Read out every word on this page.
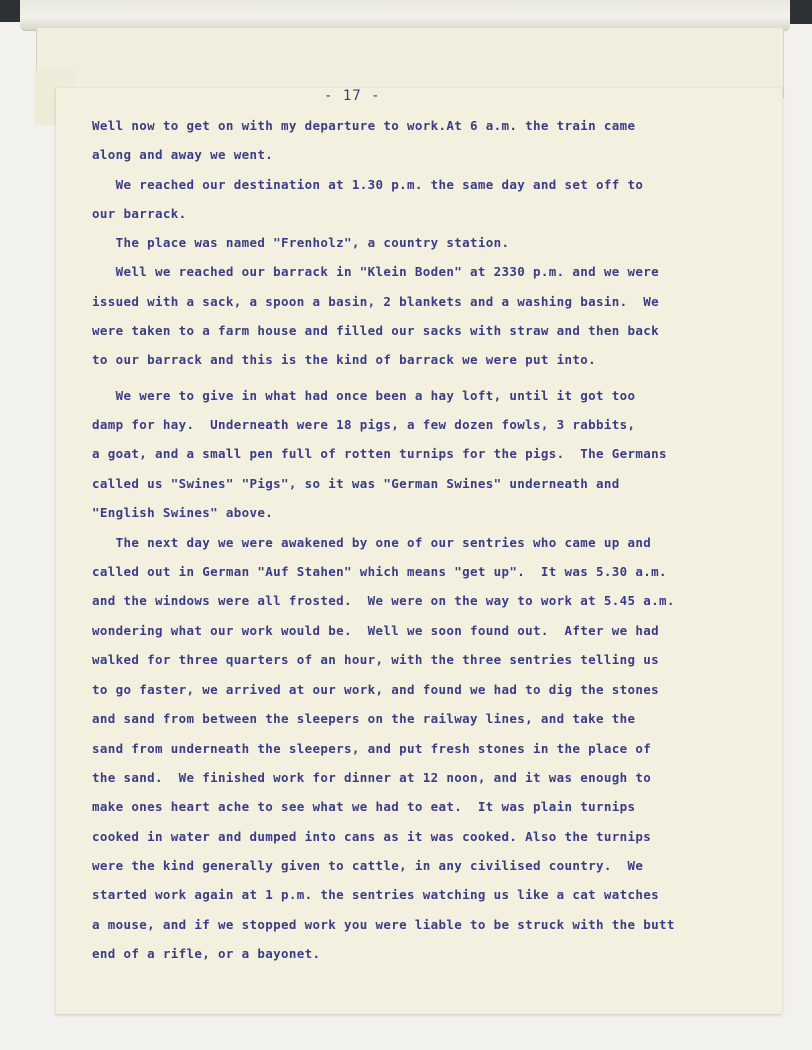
- 17 -
Well now to get on with my departure to work.At 6 a.m. the train came
along and away we went.
We reached our destination at 1.30 p.m. the same day and set off to
our barrack.
The place was named "Frenholz", a country station.
Well we reached our barrack in "Klein Boden" at 2330 p.m. and we were
issued with a sack, a spoon a basin, 2 blankets and a washing basin.  We
were taken to a farm house and filled our sacks with straw and then back
to our barrack and this is the kind of barrack we were put into.
We were to give in what had once been a hay loft, until it got too
damp for hay.  Underneath were 18 pigs, a few dozen fowls, 3 rabbits,
a goat, and a small pen full of rotten turnips for the pigs.  The Germans
called us "Swines" "Pigs", so it was "German Swines" underneath and
"English Swines" above.
The next day we were awakened by one of our sentries who came up and
called out in German "Auf Stahen" which means "get up".  It was 5.30 a.m.
and the windows were all frosted.  We were on the way to work at 5.45 a.m.
wondering what our work would be.  Well we soon found out.  After we had
walked for three quarters of an hour, with the three sentries telling us
to go faster, we arrived at our work, and found we had to dig the stones
and sand from between the sleepers on the railway lines, and take the
sand from underneath the sleepers, and put fresh stones in the place of
the sand.  We finished work for dinner at 12 noon, and it was enough to
make ones heart ache to see what we had to eat.  It was plain turnips
cooked in water and dumped into cans as it was cooked. Also the turnips
were the kind generally given to cattle, in any civilised country.  We
started work again at 1 p.m. the sentries watching us like a cat watches
a mouse, and if we stopped work you were liable to be struck with the butt
end of a rifle, or a bayonet.
